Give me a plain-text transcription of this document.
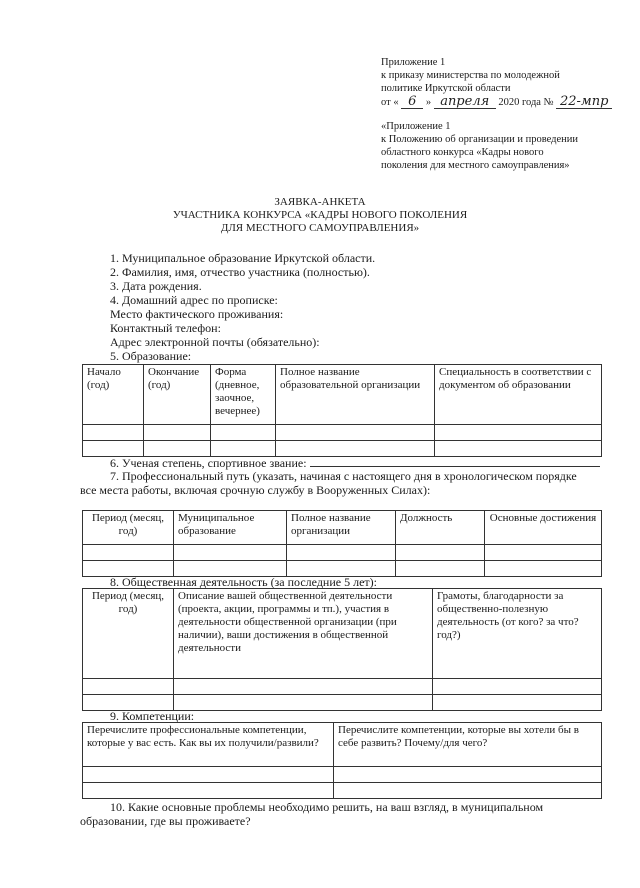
Приложение 1
к приказу министерства по молодежной
политике Иркутской области
от « 6 » апреля 2020 года № 22-мпр
«Приложение 1
к Положению об организации и проведении
областного конкурса «Кадры нового
поколения для местного самоуправления»
ЗАЯВКА-АНКЕТА
УЧАСТНИКА КОНКУРСА «КАДРЫ НОВОГО ПОКОЛЕНИЯ
ДЛЯ МЕСТНОГО САМОУПРАВЛЕНИЯ»
1. Муниципальное образование Иркутской области.
2. Фамилия, имя, отчество участника (полностью).
3. Дата рождения.
4. Домашний адрес по прописке:
Место фактического проживания:
Контактный телефон:
Адрес электронной почты (обязательно):
5. Образование:
Начало (год)	Окончание (год)	Форма (дневное, заочное, вечернее)	Полное название образовательной организации	Специальность в соответствии с документом об образовании

6. Ученая степень, спортивное звание:
7. Профессиональный путь (указать, начиная с настоящего дня в хронологическом порядке
все места работы, включая срочную службу в Вооруженных Силах):
Период (месяц, год)	Муниципальное образование	Полное название организации	Должность	Основные достижения

8. Общественная деятельность (за последние 5 лет):
Период (месяц, год)	Описание вашей общественной деятельности (проекта, акции, программы и тп.), участия в деятельности общественной организации (при наличии), ваши достижения в общественной деятельности	Грамоты, благодарности за общественно-полезную деятельность (от кого? за что? год?)

9. Компетенции:
Перечислите профессиональные компетенции, которые у вас есть. Как вы их получили/развили?	Перечислите компетенции, которые вы хотели бы в себе развить? Почему/для чего?

10. Какие основные проблемы необходимо решить, на ваш взгляд, в муниципальном
образовании, где вы проживаете?
